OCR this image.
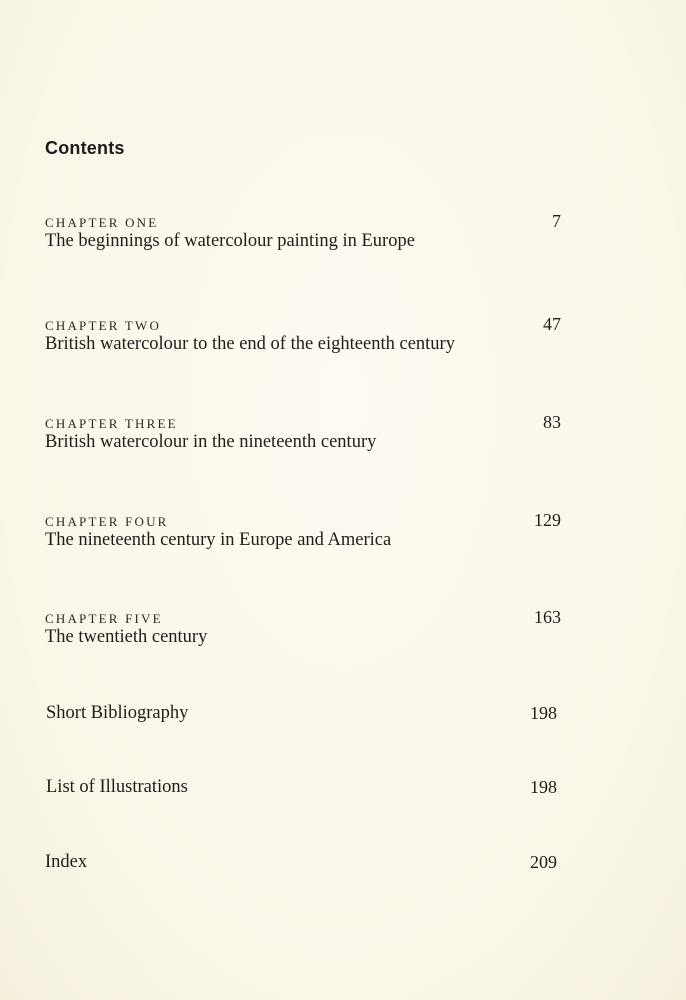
Contents
CHAPTER ONE	7
The beginnings of watercolour painting in Europe
CHAPTER TWO	47
British watercolour to the end of the eighteenth century
CHAPTER THREE	83
British watercolour in the nineteenth century
CHAPTER FOUR	129
The nineteenth century in Europe and America
CHAPTER FIVE	163
The twentieth century
Short Bibliography	198
List of Illustrations	198
Index	209
